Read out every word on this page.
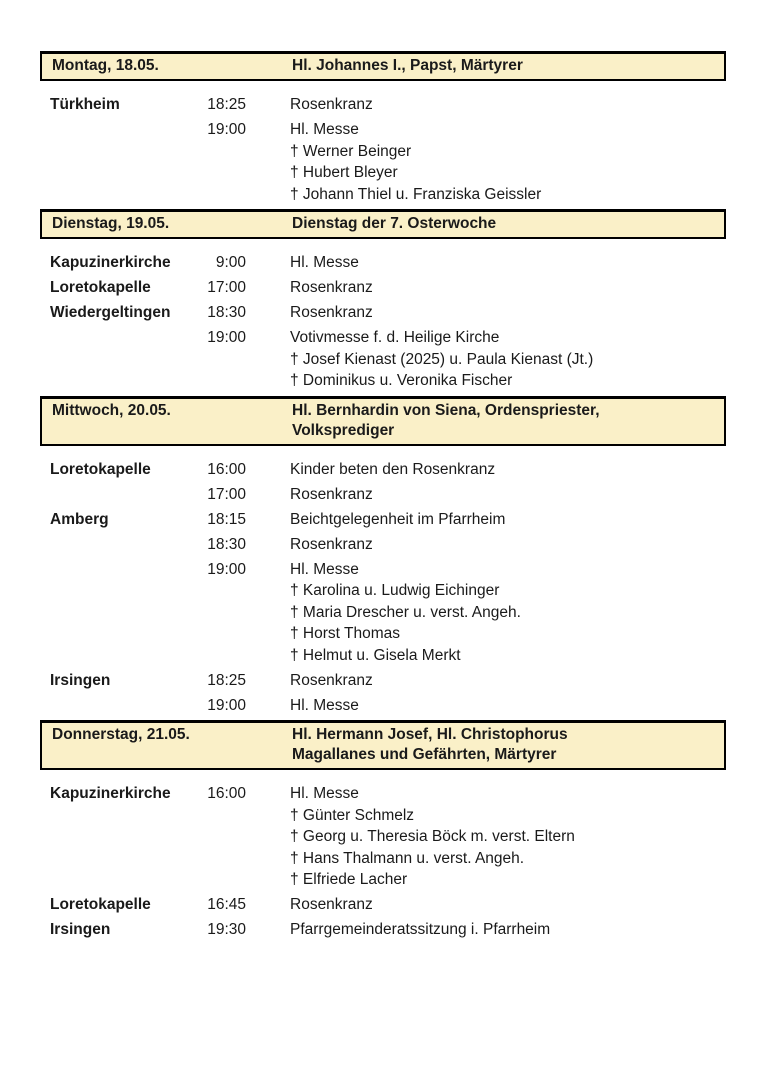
Montag, 18.05.	Hl. Johannes I., Papst, Märtyrer
Türkheim	18:25	Rosenkranz
19:00	Hl. Messe
† Werner Beinger
† Hubert Bleyer
† Johann Thiel u. Franziska Geissler
Dienstag, 19.05.	Dienstag der 7. Osterwoche
Kapuzinerkirche	9:00	Hl. Messe
Loretokapelle	17:00	Rosenkranz
Wiedergeltingen	18:30	Rosenkranz
19:00	Votivmesse f. d. Heilige Kirche
† Josef Kienast (2025) u. Paula Kienast (Jt.)
† Dominikus u. Veronika Fischer
Mittwoch, 20.05.	Hl. Bernhardin von Siena, Ordenspriester,
Volksprediger
Loretokapelle	16:00	Kinder beten den Rosenkranz
17:00	Rosenkranz
Amberg	18:15	Beichtgelegenheit im Pfarrheim
18:30	Rosenkranz
19:00	Hl. Messe
† Karolina u. Ludwig Eichinger
† Maria Drescher u. verst. Angeh.
† Horst Thomas
† Helmut u. Gisela Merkt
Irsingen	18:25	Rosenkranz
19:00	Hl. Messe
Donnerstag, 21.05.	Hl. Hermann Josef, Hl. Christophorus
Magallanes und Gefährten, Märtyrer
Kapuzinerkirche	16:00	Hl. Messe
† Günter Schmelz
† Georg u. Theresia Böck m. verst. Eltern
† Hans Thalmann u. verst. Angeh.
† Elfriede Lacher
Loretokapelle	16:45	Rosenkranz
Irsingen	19:30	Pfarrgemeinderatssitzung i. Pfarrheim
